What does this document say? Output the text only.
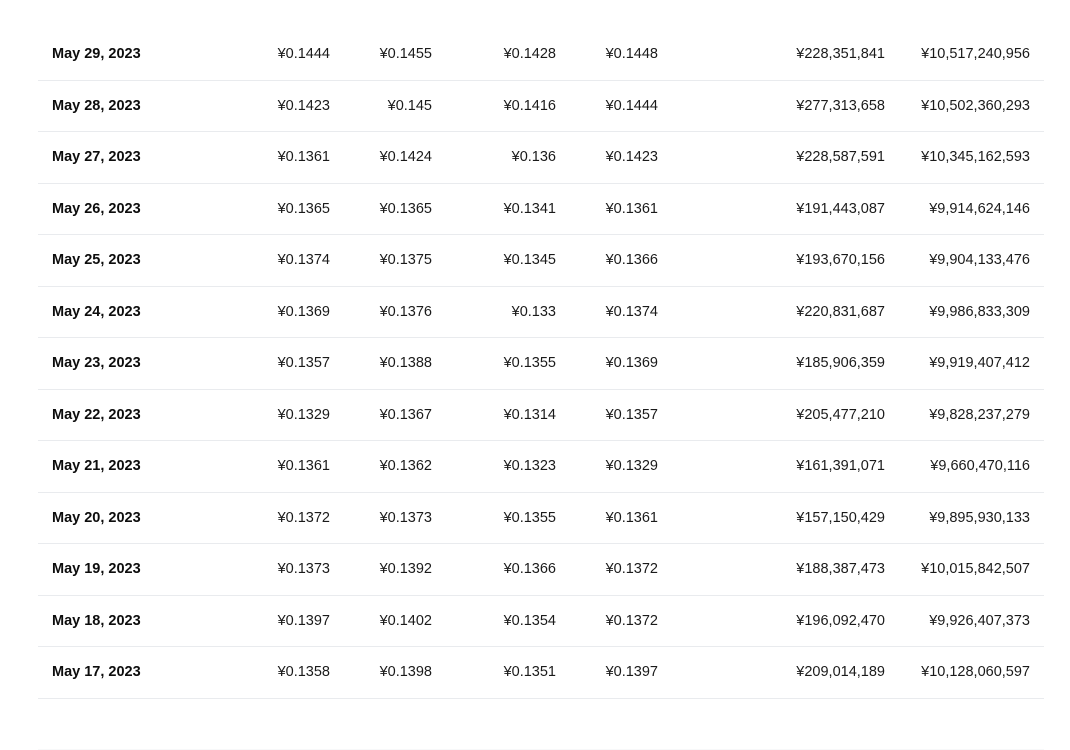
May 29, 2023	¥0.1444	¥0.1455	¥0.1428	¥0.1448	¥228,351,841 ¥10,517,240,956
May 28, 2023	¥0.1423	¥0.145	¥0.1416	¥0.1444	¥277,313,658 ¥10,502,360,293
May 27, 2023	¥0.1361	¥0.1424	¥0.136	¥0.1423	¥228,587,591 ¥10,345,162,593
May 26, 2023	¥0.1365	¥0.1365	¥0.1341	¥0.1361	¥191,443,087	¥9,914,624,146
May 25, 2023	¥0.1374	¥0.1375	¥0.1345	¥0.1366	¥193,670,156	¥9,904,133,476
May 24, 2023	¥0.1369	¥0.1376	¥0.133	¥0.1374	¥220,831,687	¥9,986,833,309
May 23, 2023	¥0.1357	¥0.1388	¥0.1355	¥0.1369	¥185,906,359	¥9,919,407,412
May 22, 2023	¥0.1329	¥0.1367	¥0.1314	¥0.1357	¥205,477,210	¥9,828,237,279
May 21, 2023	¥0.1361	¥0.1362	¥0.1323	¥0.1329	¥161,391,071	¥9,660,470,116
May 20, 2023	¥0.1372	¥0.1373	¥0.1355	¥0.1361	¥157,150,429	¥9,895,930,133
May 19, 2023	¥0.1373	¥0.1392	¥0.1366	¥0.1372	¥188,387,473 ¥10,015,842,507
May 18, 2023	¥0.1397	¥0.1402	¥0.1354	¥0.1372	¥196,092,470	¥9,926,407,373
May 17, 2023	¥0.1358	¥0.1398	¥0.1351	¥0.1397	¥209,014,189 ¥10,128,060,597
